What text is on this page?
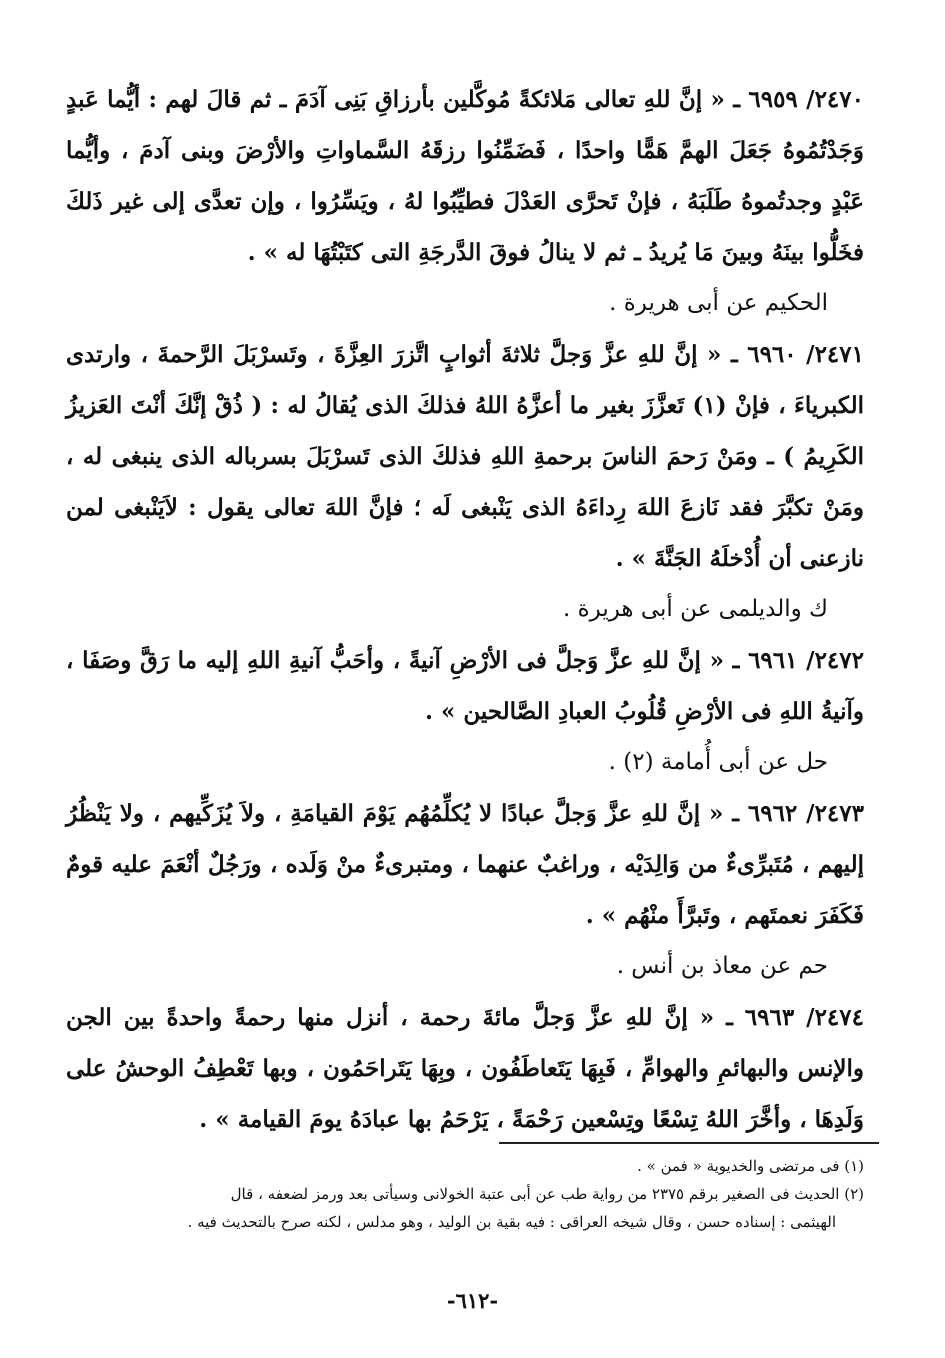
٢٤٧٠/ ٦٩٥٩ ـ « إنَّ للهِ تعالى مَلائكةً مُوكَّلين بأرزاقِ بَنِى آدَمَ ـ ثم قالَ لهم : أيُّما عَبدٍ وَجَدْتُمُوهُ جَعَلَ الهمَّ هَمًّا واحدًا ، فَضَمِّنُوا رزقَهُ السَّماواتِ والأرْضَ وبنى آدمَ ، وأيُّما عَبْدٍ وجدتُموهُ طَلَبَهُ ، فإنْ تَحرَّى العَدْلَ فطيِّبُوا لهُ ، ويَسِّرُوا ، وإن تعدَّى إلى غير ذَلكَ فخَلُّوا بينَهُ وبينَ مَا يُريدُ ـ ثم لا ينالُ فوقَ الدَّرجَةِ التى كتَبْتُهَا له » .

الحكيم عن أبى هريرة .

٢٤٧١/ ٦٩٦٠ ـ « إنَّ للهِ عزَّ وَجلَّ ثلاثةَ أثوابٍ اتَّزرَ العِزَّةَ ، وتَسرْبَلَ الرَّحمةَ ، وارتدى الكبرياءَ ، فإنْ (١) تَعزَّزَ بغير ما أعزَّهُ اللهُ فذلكَ الذى يُقالُ له : ( ذُقْ إنَّكَ أنْتَ العَزيزُ الكَرِيمُ ) ـ ومَنْ رَحمَ الناسَ برحمةِ اللهِ فذلكَ الذى تَسرْبَلَ بسرباله الذى ينبغى له ، ومَنْ تكبَّرَ فقد نَازعَ اللهَ رِداءَهُ الذى يَنْبغى لَه ؛ فإنَّ اللهَ تعالى يقول : لاَيَنْبغى لمن نازعنى أن أُدْخلَهُ الجَنَّةَ » .

ك والديلمى عن أبى هريرة .

٢٤٧٢/ ٦٩٦١ ـ « إنَّ للهِ عزَّ وَجلَّ فى الأرْضِ آنيةً ، وأحَبُّ آنيةِ اللهِ إليه ما رَقَّ وصَفَا ، وآنيةُ اللهِ فى الأرْضِ قُلُوبُ العبادِ الصَّالحين » .

حل عن أبى أُمامة (٢) .

٢٤٧٣/ ٦٩٦٢ ـ « إنَّ للهِ عزَّ وَجلَّ عبادًا لا يُكلِّمُهُم يَوْمَ القيامَةِ ، ولاَ يُزَكِّيهم ، ولا يَنْظُرُ إليهم ، مُتَبرِّىءٌ من وَالِدَيْه ، وراغبٌ عنهما ، ومتبرىءٌ منْ وَلَده ، ورَجُلٌ أنْعَمَ عليه قومٌ فَكَفَرَ نعمتَهم ، وتَبرَّأَ منْهُم » .

حم عن معاذ بن أنس .

٢٤٧٤/ ٦٩٦٣ ـ « إنَّ للهِ عزَّ وَجلَّ مائةَ رحمة ، أنزل منها رحمةً واحدةً بين الجن والإنس والبهائمِ والهوامِّ ، فَبِهَا يَتَعاطَفُون ، وبِهَا يَتَراحَمُون ، وبها تَعْطِفُ الوحشُ على وَلَدِهَا ، وأخَّرَ اللهُ تِسْعًا وتِسْعين رَحْمَةً ، يَرْحَمُ بها عبادَهُ يومَ القيامة » .

(١) فى مرتضى والخديوية « فمن » .

(٢) الحديث فى الصغير برقم ٢٣٧٥ من رواية طب عن أبى عتبة الخولانى وسيأتى بعد ورمز لضعفه ، قال

الهيثمى : إسناده حسن ، وقال شيخه العراقى : فيه بقية بن الوليد ، وهو مدلس ، لكنه صرح بالتحديث فيه .

-٦١٢-
